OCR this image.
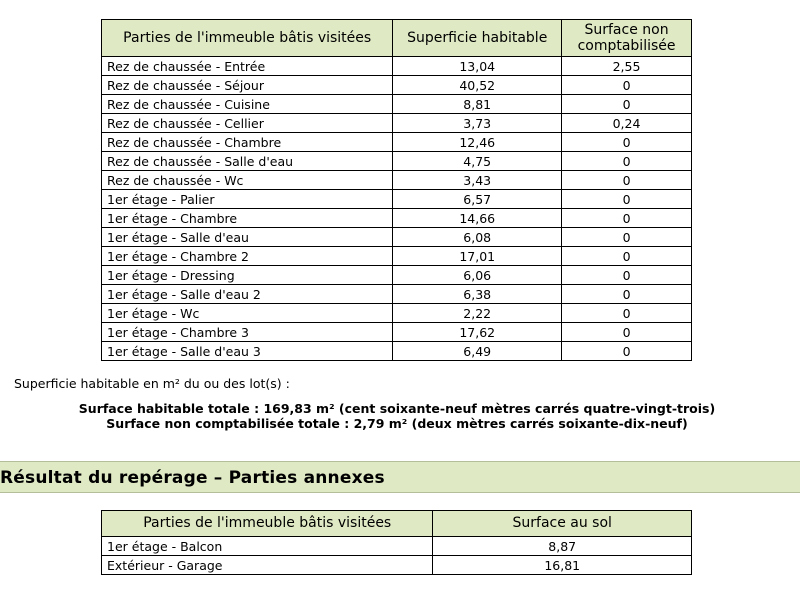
Parties de l'immeuble bâtis visitées	Superficie habitable	Surface non comptabilisée
Rez de chaussée - Entrée	13,04	2,55
Rez de chaussée - Séjour	40,52	0
Rez de chaussée - Cuisine	8,81	0
Rez de chaussée - Cellier	3,73	0,24
Rez de chaussée - Chambre	12,46	0
Rez de chaussée - Salle d'eau	4,75	0
Rez de chaussée - Wc	3,43	0
1er étage - Palier	6,57	0
1er étage - Chambre	14,66	0
1er étage - Salle d'eau	6,08	0
1er étage - Chambre 2	17,01	0
1er étage - Dressing	6,06	0
1er étage - Salle d'eau 2	6,38	0
1er étage - Wc	2,22	0
1er étage - Chambre 3	17,62	0
1er étage - Salle d'eau 3	6,49	0
Superficie habitable en m² du ou des lot(s) :
Surface habitable totale : 169,83 m² (cent soixante-neuf mètres carrés quatre-vingt-trois)
Surface non comptabilisée totale : 2,79 m² (deux mètres carrés soixante-dix-neuf)
Résultat du repérage – Parties annexes
Parties de l'immeuble bâtis visitées	Surface au sol
1er étage - Balcon	8,87
Extérieur - Garage	16,81
